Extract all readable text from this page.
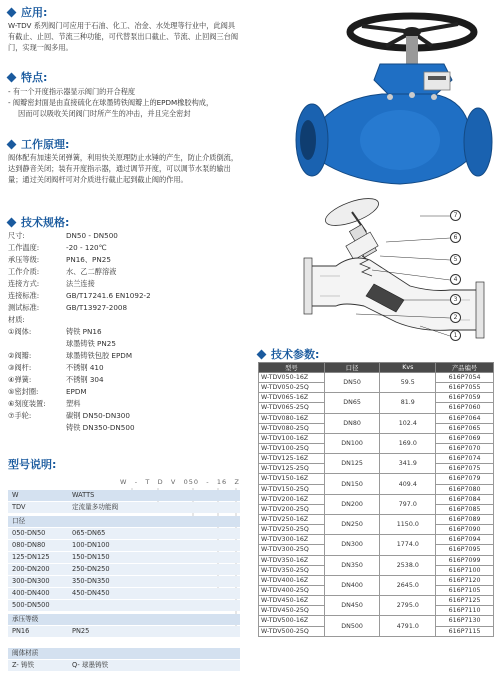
应用 :
W-TDV 系列阀门可应用于石油、化工、冶金、水处理等行业中，此阀具有截止、止回、节流三种功能，可代替泵出口截止、节流、止回阀三台阀门，实现一阀多用。
特点 :
- 有一个开度指示器显示阀门的开合程度
- 阀瓣密封面是由直接硫化在球墨铸铁阀瓣上的EPDM橡胶构成，
因而可以吸收关闭阀门时所产生的冲击，并且完全密封
工作原理 :
阀体配有加速关闭弹簧，利用快关原理防止水锤的产生，防止介质倒流，达到静音关闭；装有开度指示器，通过调节开度，可以调节水泵的输出量；通过关闭阀杆可对介质进行截止起到截止阀的作用。
技术规格 :
尺寸:	DN50 - DN500
工作温度:	-20 - 120℃
承压等级:	PN16、PN25
工作介质:	水、乙二醇溶液
连接方式:	法兰连接
连接标准:	GB/T17241.6 EN1092-2
测试标准:	GB/T13927-2008
材质:
①阀体:	铸铁 PN16
球墨铸铁 PN25
②阀瓣:	球墨铸铁包胶 EPDM
③阀杆:	不锈钢 410
④弹簧:	不锈钢 304
⑤密封圈:	EPDM
⑥刻度装置:	塑料
⑦手轮:	碳钢 DN50-DN300
铸铁 DN350-DN500
型号说明:
W - T D V 050 - 16 Z
W	WATTS
TDV	定流量多功能阀
口径
050-DN50	065-DN65
080-DN80	100-DN100
125-DN125	150-DN150
200-DN200	250-DN250
300-DN300	350-DN350
400-DN400	450-DN450
500-DN500
承压等级
PN16	PN25
阀体材质
Z- 铸铁	Q- 球墨铸铁
7
6
5
4
3
2
1
技术参数 :
型号	口径	Kvs	产品编号
W-TDV050-16Z	DN50	59.5	616P7054
W-TDV050-25Q			616P7055
W-TDV065-16Z	DN65	81.9	616P7059
W-TDV065-25Q			616P7060
W-TDV080-16Z	DN80	102.4	616P7064
W-TDV080-25Q			616P7065
W-TDV100-16Z	DN100	169.0	616P7069
W-TDV100-25Q			616P7070
W-TDV125-16Z	DN125	341.9	616P7074
W-TDV125-25Q			616P7075
W-TDV150-16Z	DN150	409.4	616P7079
W-TDV150-25Q			616P7080
W-TDV200-16Z	DN200	797.0	616P7084
W-TDV200-25Q			616P7085
W-TDV250-16Z	DN250	1150.0	616P7089
W-TDV250-25Q			616P7090
W-TDV300-16Z	DN300	1774.0	616P7094
W-TDV300-25Q			616P7095
W-TDV350-16Z	DN350	2538.0	616P7099
W-TDV350-25Q			616P7100
W-TDV400-16Z	DN400	2645.0	616P7120
W-TDV400-25Q			616P7105
W-TDV450-16Z	DN450	2795.0	616P7125
W-TDV450-25Q			616P7110
W-TDV500-16Z	DN500	4791.0	616P7130
W-TDV500-25Q			616P7115
